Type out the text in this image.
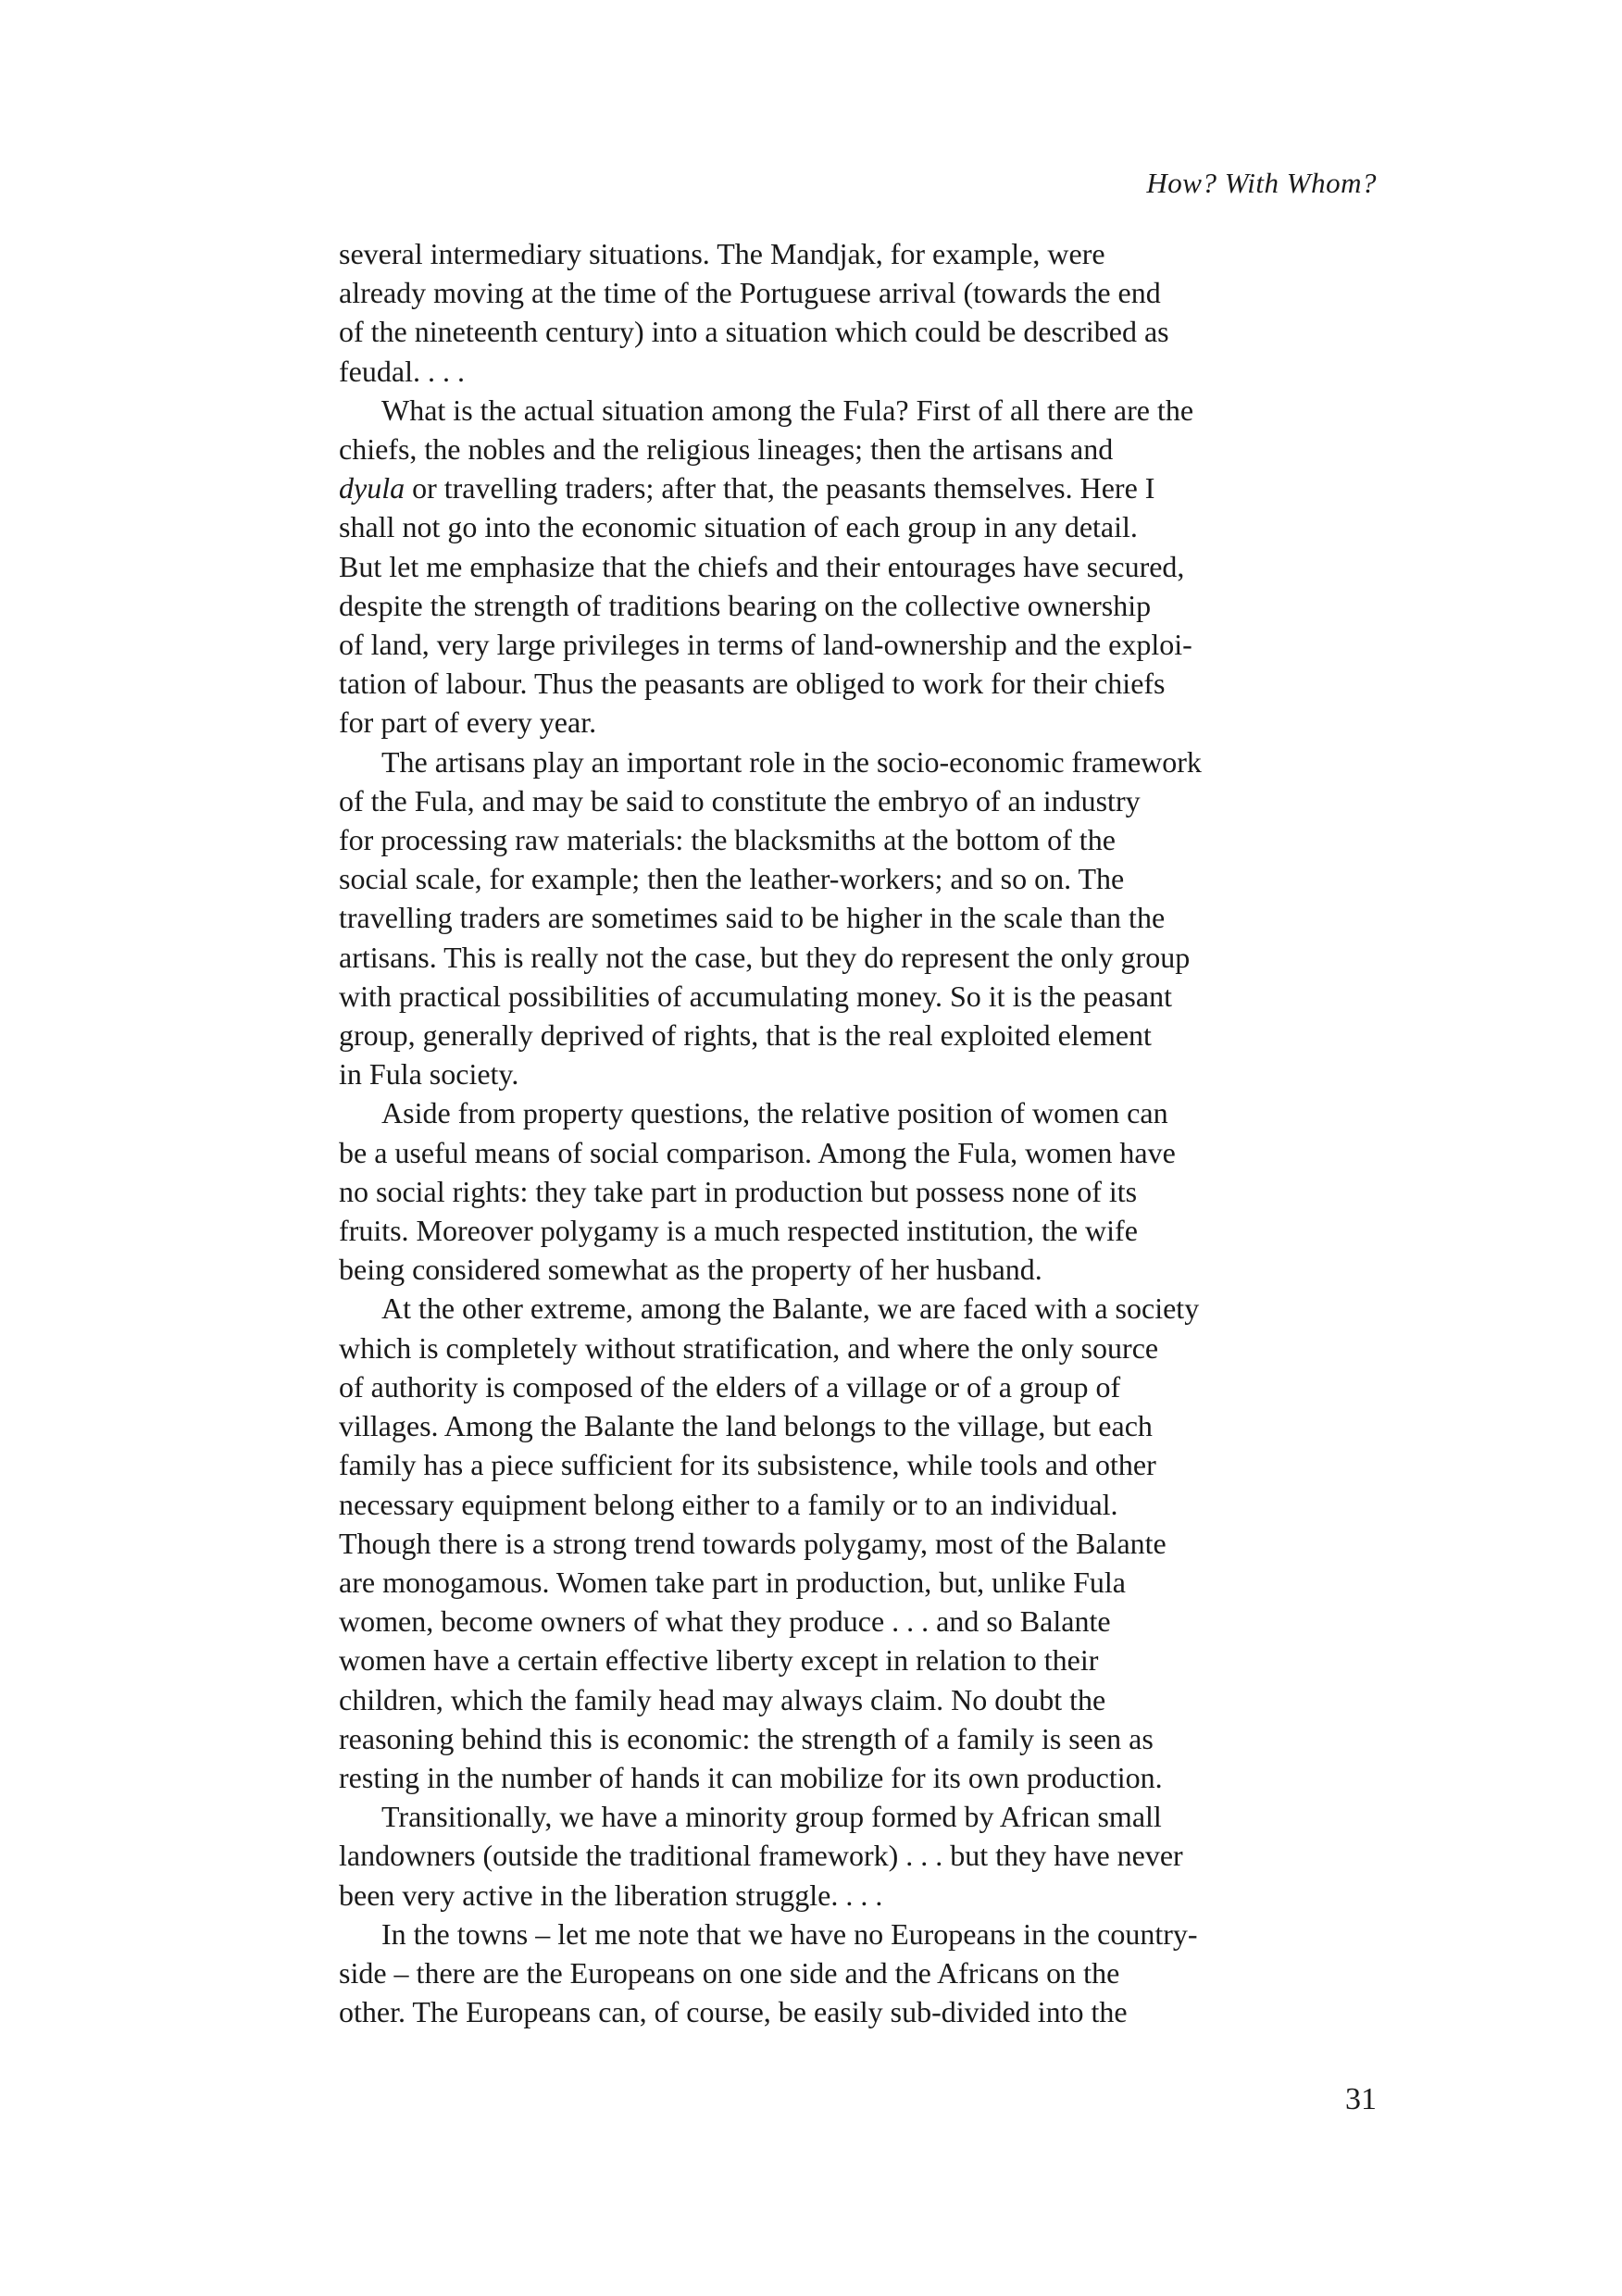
How? With Whom?

several intermediary situations. The Mandjak, for example, were
already moving at the time of the Portuguese arrival (towards the end
of the nineteenth century) into a situation which could be described as
feudal. . . .

What is the actual situation among the Fula? First of all there are the
chiefs, the nobles and the religious lineages; then the artisans and
dyula or travelling traders; after that, the peasants themselves. Here I
shall not go into the economic situation of each group in any detail.
But let me emphasize that the chiefs and their entourages have secured,
despite the strength of traditions bearing on the collective ownership
of land, very large privileges in terms of land-ownership and the exploi-
tation of labour. Thus the peasants are obliged to work for their chiefs
for part of every year.

The artisans play an important role in the socio-economic framework
of the Fula, and may be said to constitute the embryo of an industry
for processing raw materials: the blacksmiths at the bottom of the
social scale, for example; then the leather-workers; and so on. The
travelling traders are sometimes said to be higher in the scale than the
artisans. This is really not the case, but they do represent the only group
with practical possibilities of accumulating money. So it is the peasant
group, generally deprived of rights, that is the real exploited element
in Fula society.

Aside from property questions, the relative position of women can
be a useful means of social comparison. Among the Fula, women have
no social rights: they take part in production but possess none of its
fruits. Moreover polygamy is a much respected institution, the wife
being considered somewhat as the property of her husband.

At the other extreme, among the Balante, we are faced with a society
which is completely without stratification, and where the only source
of authority is composed of the elders of a village or of a group of
villages. Among the Balante the land belongs to the village, but each
family has a piece sufficient for its subsistence, while tools and other
necessary equipment belong either to a family or to an individual.
Though there is a strong trend towards polygamy, most of the Balante
are monogamous. Women take part in production, but, unlike Fula
women, become owners of what they produce . . . and so Balante
women have a certain effective liberty except in relation to their
children, which the family head may always claim. No doubt the
reasoning behind this is economic: the strength of a family is seen as
resting in the number of hands it can mobilize for its own production.

Transitionally, we have a minority group formed by African small
landowners (outside the traditional framework) . . . but they have never
been very active in the liberation struggle. . . .

In the towns – let me note that we have no Europeans in the country-
side – there are the Europeans on one side and the Africans on the
other. The Europeans can, of course, be easily sub-divided into the

31
